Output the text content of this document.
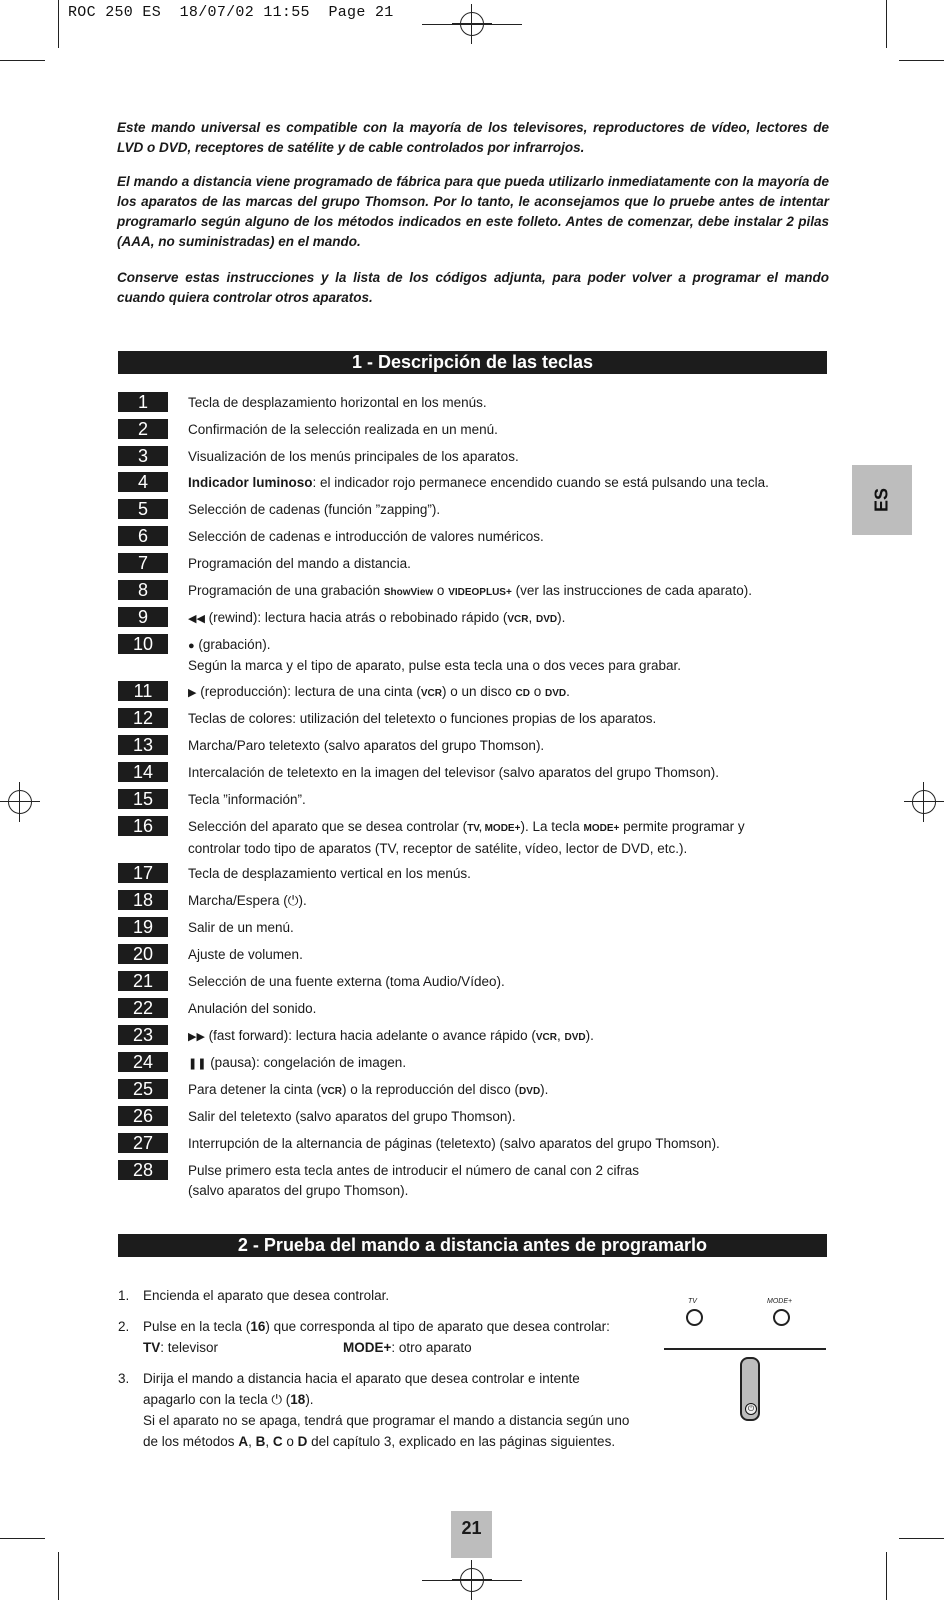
ROC 250 ES  18/07/02 11:55  Page 21

Este mando universal es compatible con la mayoría de los televisores, reproductores de vídeo, lectores de LVD o DVD, receptores de satélite y de cable controlados por infrarrojos.

El mando a distancia viene programado de fábrica para que pueda utilizarlo inmediatamente con la mayoría de los aparatos de las marcas del grupo Thomson. Por lo tanto, le aconsejamos que lo pruebe antes de intentar programarlo según alguno de los métodos indicados en este folleto. Antes de comenzar, debe instalar 2 pilas (AAA, no suministradas) en el mando.

Conserve estas instrucciones y la lista de los códigos adjunta, para poder volver a programar el mando cuando quiera controlar otros aparatos.

1 - Descripción de las teclas
1	Tecla de desplazamiento horizontal en los menús.
2	Confirmación de la selección realizada en un menú.
3	Visualización de los menús principales de los aparatos.
4	Indicador luminoso: el indicador rojo permanece encendido cuando se está pulsando una tecla.
5	Selección de cadenas (función ”zapping”).
6	Selección de cadenas e introducción de valores numéricos.
7	Programación del mando a distancia.
8	Programación de una grabación ShowView o VIDEOPLUS+ (ver las instrucciones de cada aparato).
9	◀◀ (rewind): lectura hacia atrás o rebobinado rápido (VCR, DVD).
10	● (grabación).
Según la marca y el tipo de aparato, pulse esta tecla una o dos veces para grabar.
11	▶ (reproducción): lectura de una cinta (VCR) o un disco CD o DVD.
12	Teclas de colores: utilización del teletexto o funciones propias de los aparatos.
13	Marcha/Paro teletexto (salvo aparatos del grupo Thomson).
14	Intercalación de teletexto en la imagen del televisor (salvo aparatos del grupo Thomson).
15	Tecla ”información”.
16	Selección del aparato que se desea controlar (TV, MODE+). La tecla MODE+ permite programar y
controlar todo tipo de aparatos (TV, receptor de satélite, vídeo, lector de DVD, etc.).
17	Tecla de desplazamiento vertical en los menús.
18	Marcha/Espera (⏻).
19	Salir de un menú.
20	Ajuste de volumen.
21	Selección de una fuente externa (toma Audio/Vídeo).
22	Anulación del sonido.
23	▶▶ (fast forward): lectura hacia adelante o avance rápido (VCR, DVD).
24	❚❚ (pausa): congelación de imagen.
25	Para detener la cinta (VCR) o la reproducción del disco (DVD).
26	Salir del teletexto (salvo aparatos del grupo Thomson).
27	Interrupción de la alternancia de páginas (teletexto) (salvo aparatos del grupo Thomson).
28	Pulse primero esta tecla antes de introducir el número de canal con 2 cifras
(salvo aparatos del grupo Thomson).
ES
2 - Prueba del mando a distancia antes de programarlo
1. Encienda el aparato que desea controlar.
2. Pulse en la tecla (16) que corresponda al tipo de aparato que desea controlar:
TV: televisor	MODE+: otro aparato
3. Dirija el mando a distancia hacia el aparato que desea controlar e intente
apagarlo con la tecla ⏻ (18).
Si el aparato no se apaga, tendrá que programar el mando a distancia según uno
de los métodos A, B, C o D del capítulo 3, explicado en las páginas siguientes.
TV	MODE+
⏻
21
